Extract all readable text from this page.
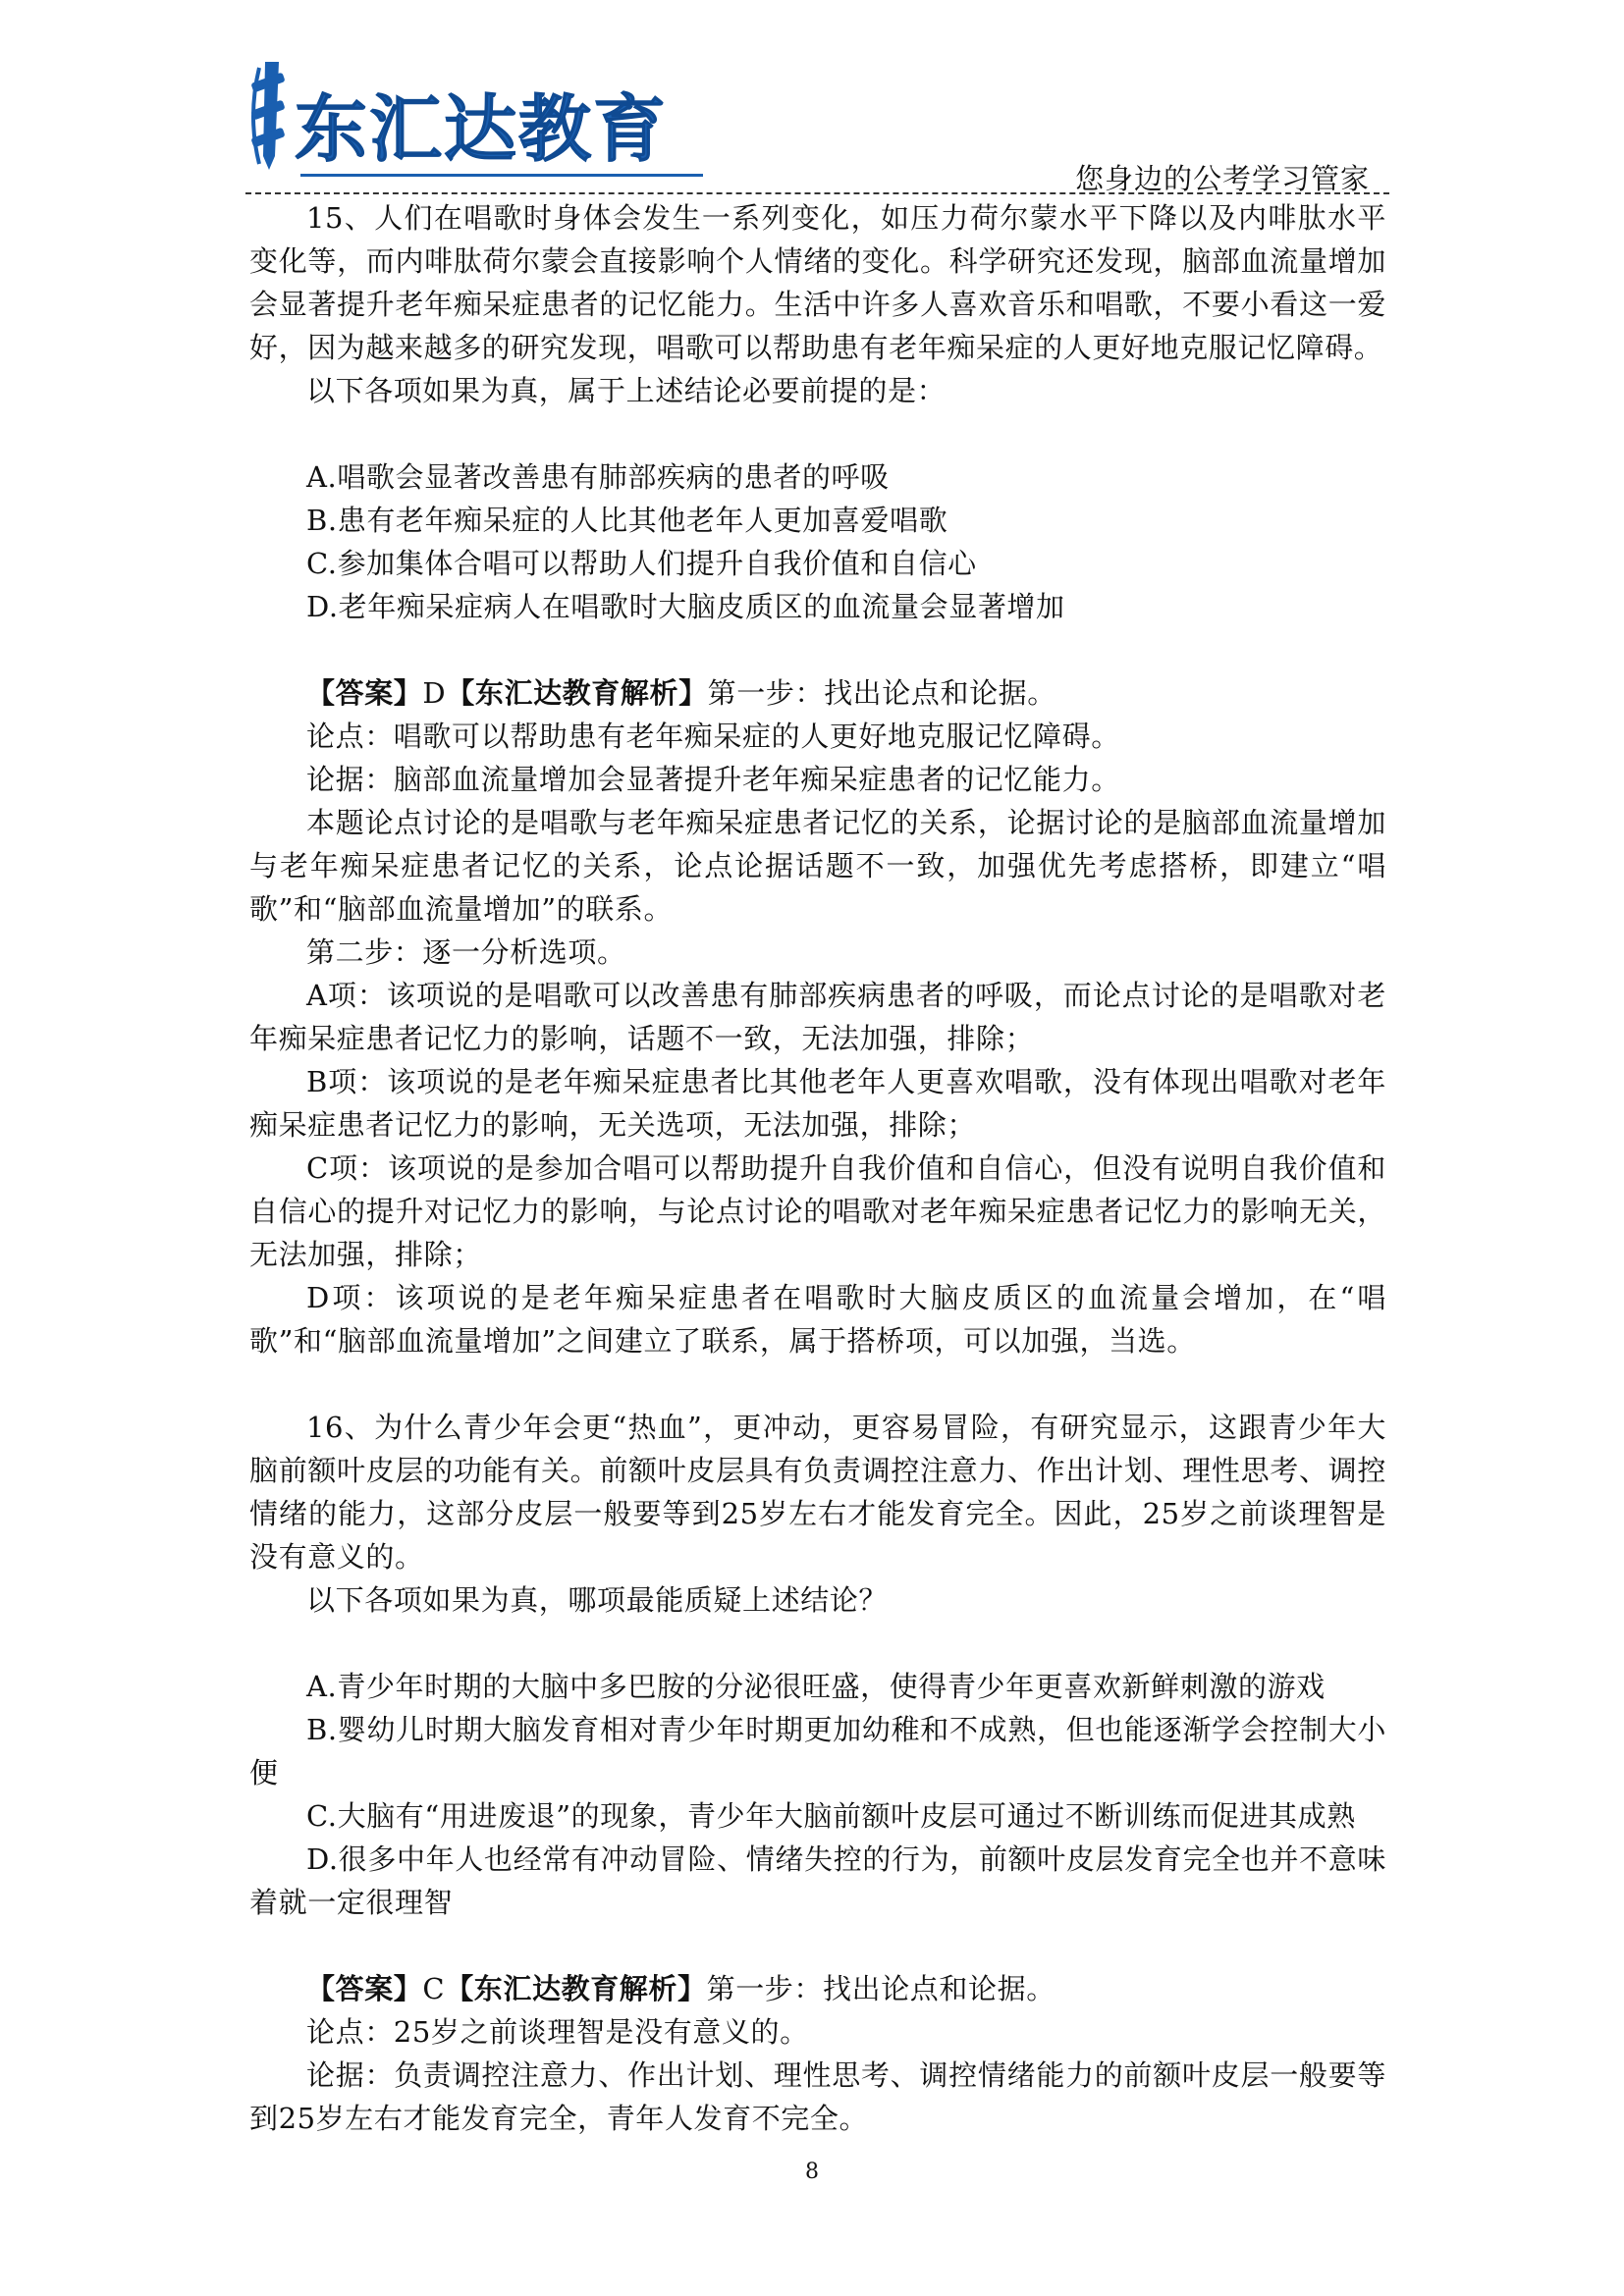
东汇达教育
您身边的公考学习管家

15、人们在唱歌时身体会发生一系列变化，如压力荷尔蒙水平下降以及内啡肽水平变化等，而内啡肽荷尔蒙会直接影响个人情绪的变化。科学研究还发现，脑部血流量增加会显著提升老年痴呆症患者的记忆能力。生活中许多人喜欢音乐和唱歌，不要小看这一爱好，因为越来越多的研究发现，唱歌可以帮助患有老年痴呆症的人更好地克服记忆障碍。

以下各项如果为真，属于上述结论必要前提的是：

A.唱歌会显著改善患有肺部疾病的患者的呼吸

B.患有老年痴呆症的人比其他老年人更加喜爱唱歌

C.参加集体合唱可以帮助人们提升自我价值和自信心

D.老年痴呆症病人在唱歌时大脑皮质区的血流量会显著增加

【答案】D【东汇达教育解析】第一步：找出论点和论据。

论点：唱歌可以帮助患有老年痴呆症的人更好地克服记忆障碍。

论据：脑部血流量增加会显著提升老年痴呆症患者的记忆能力。

本题论点讨论的是唱歌与老年痴呆症患者记忆的关系，论据讨论的是脑部血流量增加与老年痴呆症患者记忆的关系，论点论据话题不一致，加强优先考虑搭桥，即建立“唱歌”和“脑部血流量增加”的联系。

第二步：逐一分析选项。

A项：该项说的是唱歌可以改善患有肺部疾病患者的呼吸，而论点讨论的是唱歌对老年痴呆症患者记忆力的影响，话题不一致，无法加强，排除；

B项：该项说的是老年痴呆症患者比其他老年人更喜欢唱歌，没有体现出唱歌对老年痴呆症患者记忆力的影响，无关选项，无法加强，排除；

C项：该项说的是参加合唱可以帮助提升自我价值和自信心，但没有说明自我价值和自信心的提升对记忆力的影响，与论点讨论的唱歌对老年痴呆症患者记忆力的影响无关，无法加强，排除；

D项：该项说的是老年痴呆症患者在唱歌时大脑皮质区的血流量会增加，在“唱歌”和“脑部血流量增加”之间建立了联系，属于搭桥项，可以加强，当选。

16、为什么青少年会更“热血”，更冲动，更容易冒险，有研究显示，这跟青少年大脑前额叶皮层的功能有关。前额叶皮层具有负责调控注意力、作出计划、理性思考、调控情绪的能力，这部分皮层一般要等到25岁左右才能发育完全。因此，25岁之前谈理智是没有意义的。

以下各项如果为真，哪项最能质疑上述结论？

A.青少年时期的大脑中多巴胺的分泌很旺盛，使得青少年更喜欢新鲜刺激的游戏

B.婴幼儿时期大脑发育相对青少年时期更加幼稚和不成熟，但也能逐渐学会控制大小便

C.大脑有“用进废退”的现象，青少年大脑前额叶皮层可通过不断训练而促进其成熟

D.很多中年人也经常有冲动冒险、情绪失控的行为，前额叶皮层发育完全也并不意味着就一定很理智

【答案】C【东汇达教育解析】第一步：找出论点和论据。

论点：25岁之前谈理智是没有意义的。

论据：负责调控注意力、作出计划、理性思考、调控情绪能力的前额叶皮层一般要等到25岁左右才能发育完全，青年人发育不完全。

8
